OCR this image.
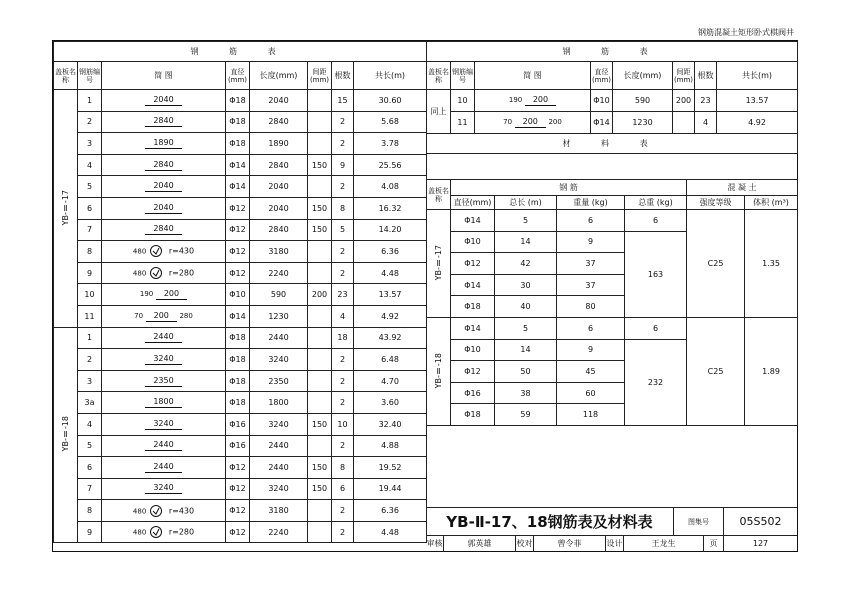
钢筋混凝土矩形卧式棋阀井
钢 筋 表							
盖板名称	钢筋编号	简 图	直径(mm)	长度(mm)	间距(mm)	根数	共长(m)
YB-Ⅱ-17	1	2040	Φ18	2040		15	30.60
	2	2840	Φ18	2840		2	5.68
	3	1890	Φ18	1890		2	3.78
	4	2840	Φ14	2840	150	9	25.56
	5	2040	Φ14	2040		2	4.08
	6	2040	Φ12	2040	150	8	16.32
	7	2840	Φ12	2840	150	5	14.20
	8	480 r=430	Φ12	3180		2	6.36
	9	480 r=280	Φ12	2240		2	4.48
	10	190 200	Φ10	590	200	23	13.57
	11	70 200 280	Φ14	1230		4	4.92
YB-Ⅱ-18	1	2440	Φ18	2440		18	43.92
	2	3240	Φ18	3240		2	6.48
	3	2350	Φ18	2350		2	4.70
	3a	1800	Φ18	1800		2	3.60
	4	3240	Φ16	3240	150	10	32.40
	5	2440	Φ16	2440		2	4.88
	6	2440	Φ12	2440	150	8	19.52
	7	3240	Φ12	3240	150	6	19.44
	8	480 r=430	Φ12	3180		2	6.36
	9	480 r=280	Φ12	2240		2	4.48
钢 筋 表							
盖板名称	钢筋编号	简 图	直径(mm)	长度(mm)	间距(mm)	根数	共长(m)
同上	10	190 200	Φ10	590	200	23	13.57
	11	70 200 200	Φ14	1230		4	4.92
材 料 表							
盖板名称	钢 筋				混 凝 土	
	直径(mm)	总长 (m)	重量 (kg)	总重 (kg)	强度等级	体积 (m³)
YB-Ⅱ-17	Φ14	5	6	6	C25	1.35
	Φ10	14	9	163		
	Φ12	42	37			
	Φ14	30	37			
	Φ18	40	80			
YB-Ⅱ-18	Φ14	5	6	6	C25	1.89
	Φ10	14	9	232		
	Φ12	50	45			
	Φ16	38	60			
	Φ18	59	118			
YB-Ⅱ-17、18钢筋表及材料表	图集号	05S502
审核	郭英雄	校对	曾令菲	设计	王龙生	页	127
